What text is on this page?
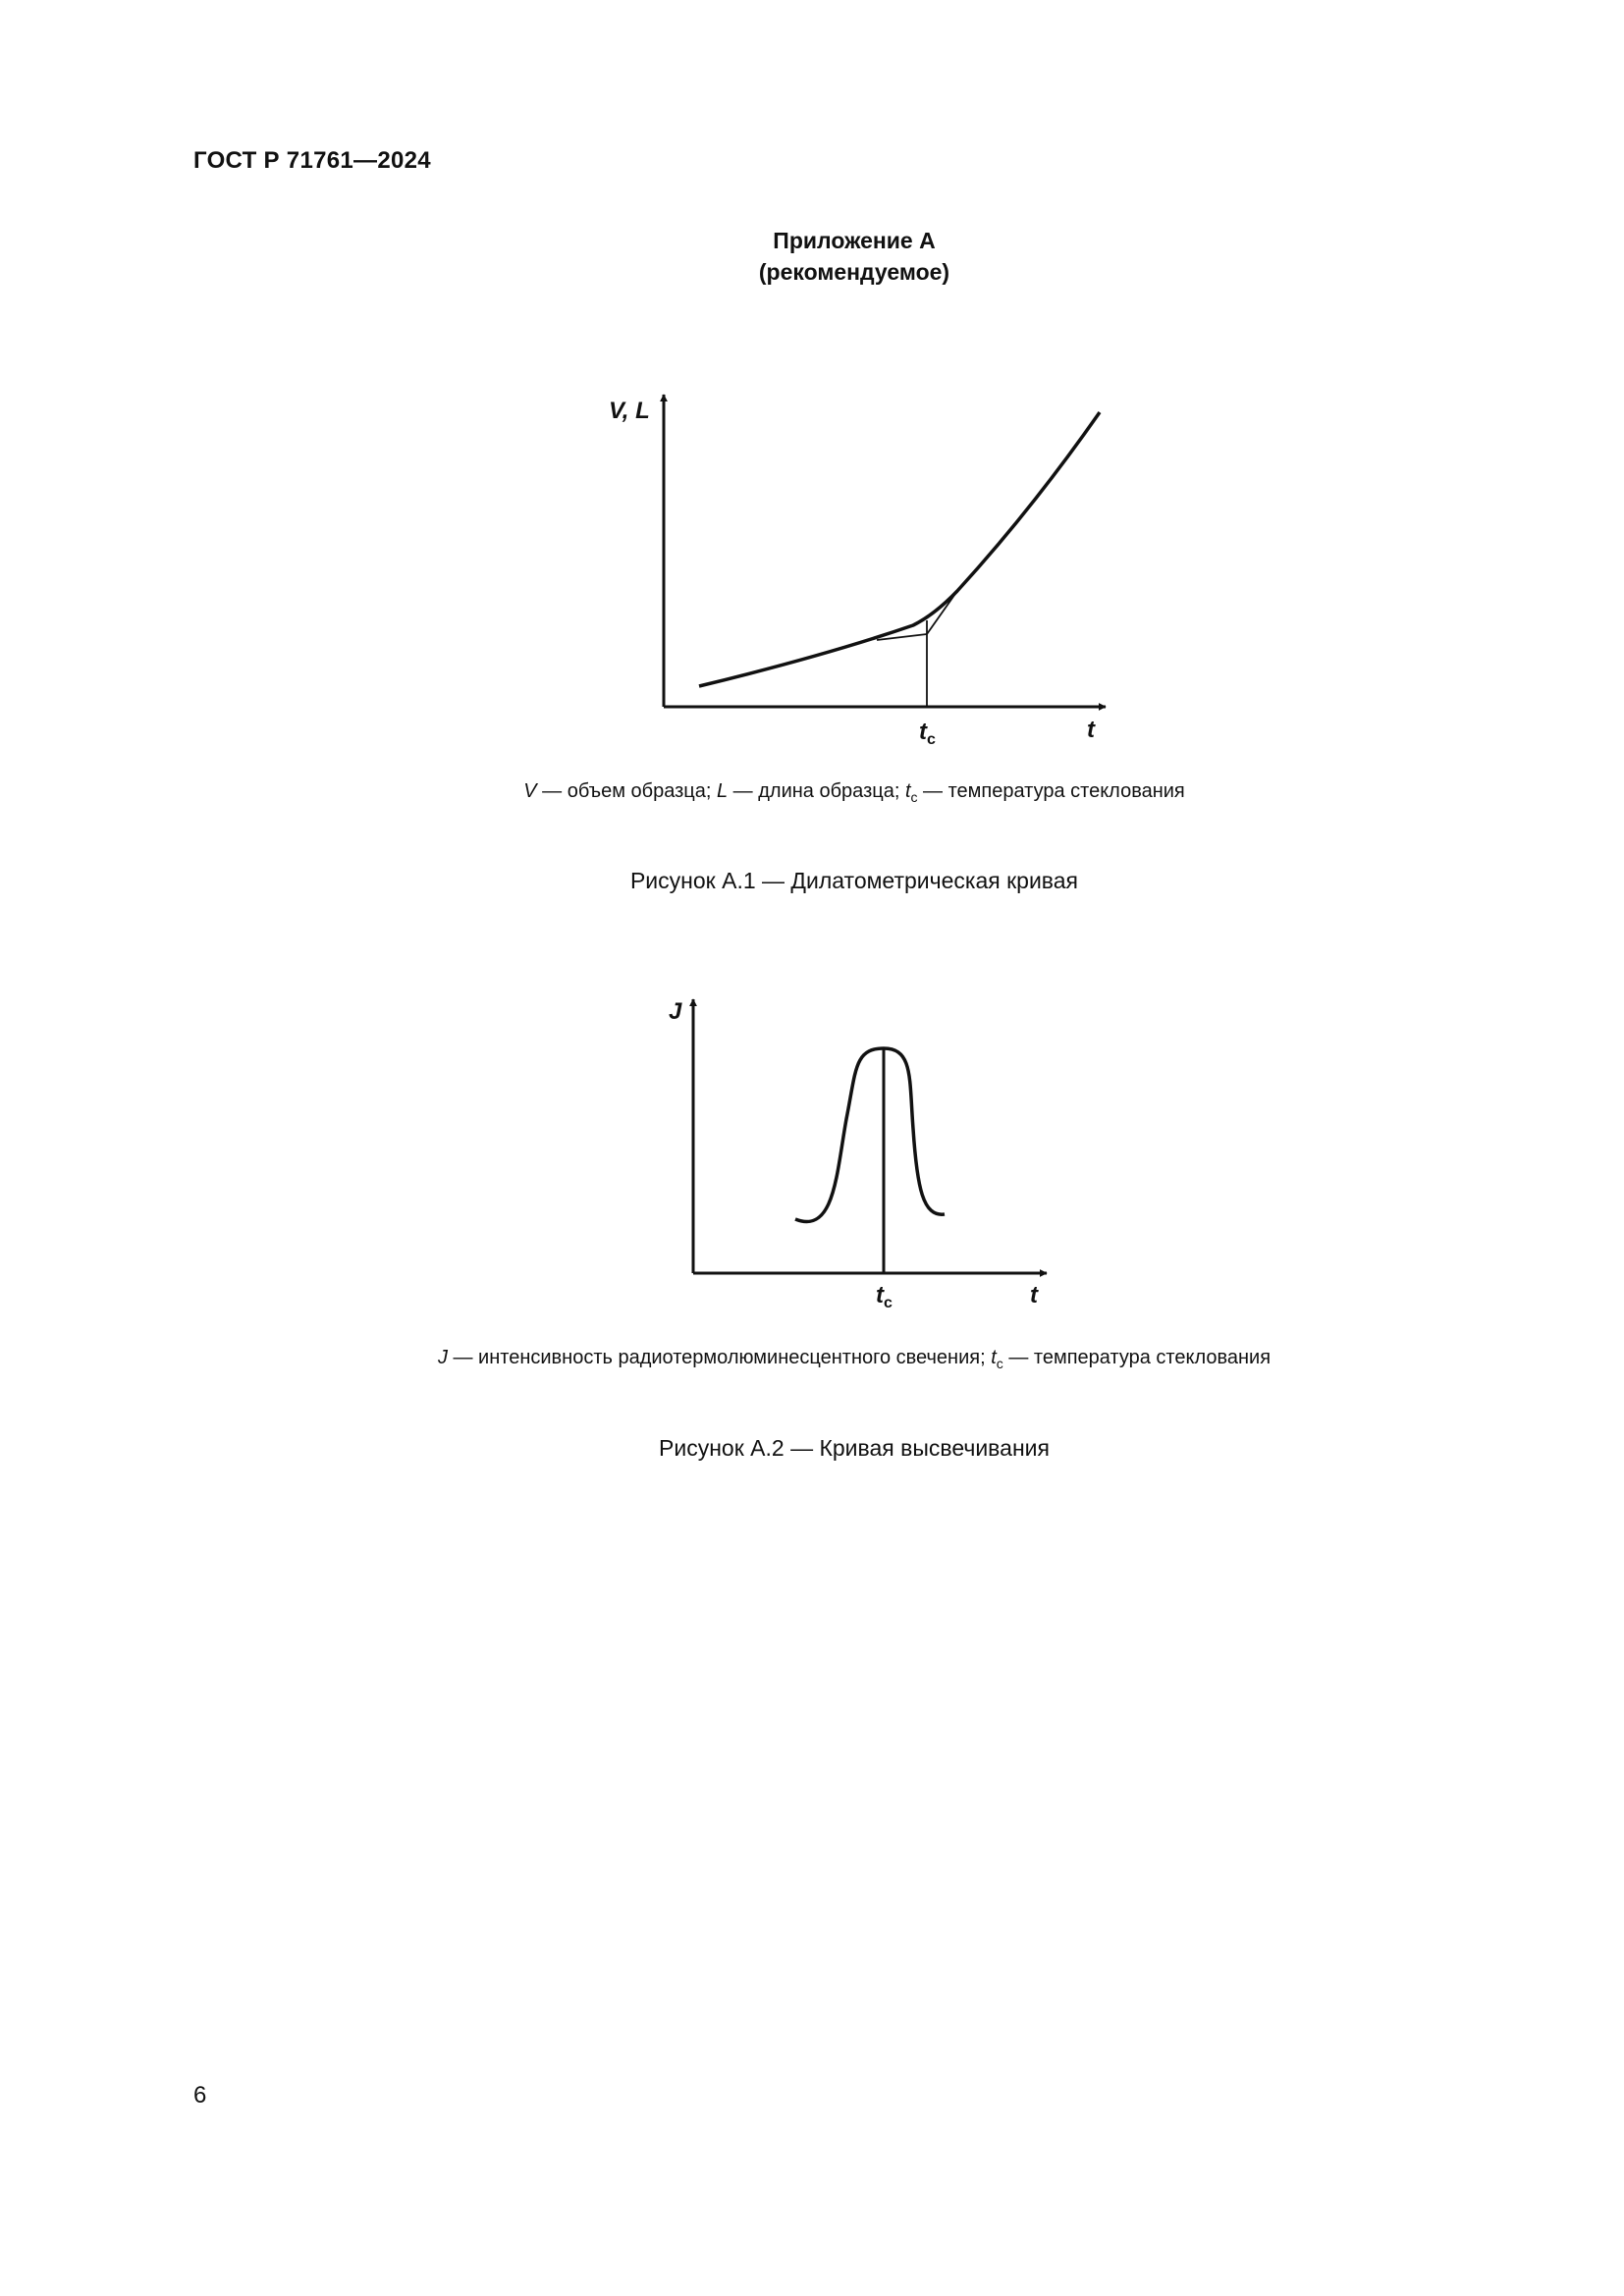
ГОСТ Р 71761—2024
Приложение А
(рекомендуемое)
V, L
t
$t_с$
V — объем образца; L — длина образца; $t_с$ — температура стеклования
Рисунок А.1 — Дилатометрическая кривая
J
t
$t_с$
J — интенсивность радиотермолюминесцентного свечения; $t_с$ — температура стеклования
Рисунок А.2 — Кривая высвечивания
6
